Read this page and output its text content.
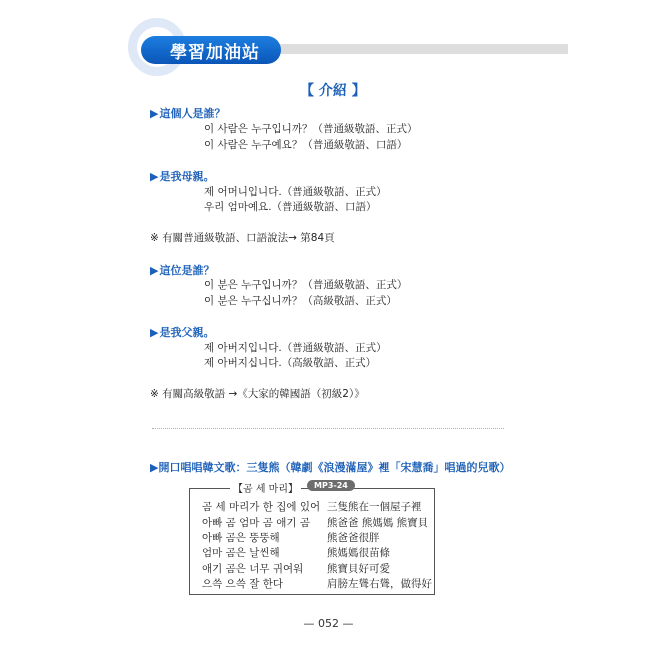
學習加油站
【 介紹 】
▶這個人是誰？
이 사람은 누구입니까？（普通級敬語、正式）
이 사람은 누구예요？（普通級敬語、口語）
▶是我母親。
제 어머니입니다.（普通級敬語、正式）
우리 엄마예요.（普通級敬語、口語）
※ 有關普通級敬語、口語說法→ 第84頁
▶這位是誰？
이 분은 누구입니까？（普通級敬語、正式）
이 분은 누구십니까？（高級敬語、正式）
▶是我父親。
제 아버지입니다.（普通級敬語、正式）
제 아버지십니다.（高級敬語、正式）
※ 有關高級敬語 →《大家的韓國語（初級2）》
▶開口唱唱韓文歌：三隻熊（韓劇《浪漫滿屋》裡「宋慧喬」唱過的兒歌）
【곰 세 마리】	MP3-24
곰 세 마리가 한 집에 있어 三隻熊在一個屋子裡
아빠 곰 엄마 곰 애기 곰 熊爸爸 熊媽媽 熊寶貝
아빠 곰은 뚱뚱해	熊爸爸很胖
엄마 곰은 날씬해	熊媽媽很苗條
애기 곰은 너무 귀여워 熊寶貝好可愛
으쓱 으쓱 잘 한다	肩膀左聳右聳，做得好
— 052 —
